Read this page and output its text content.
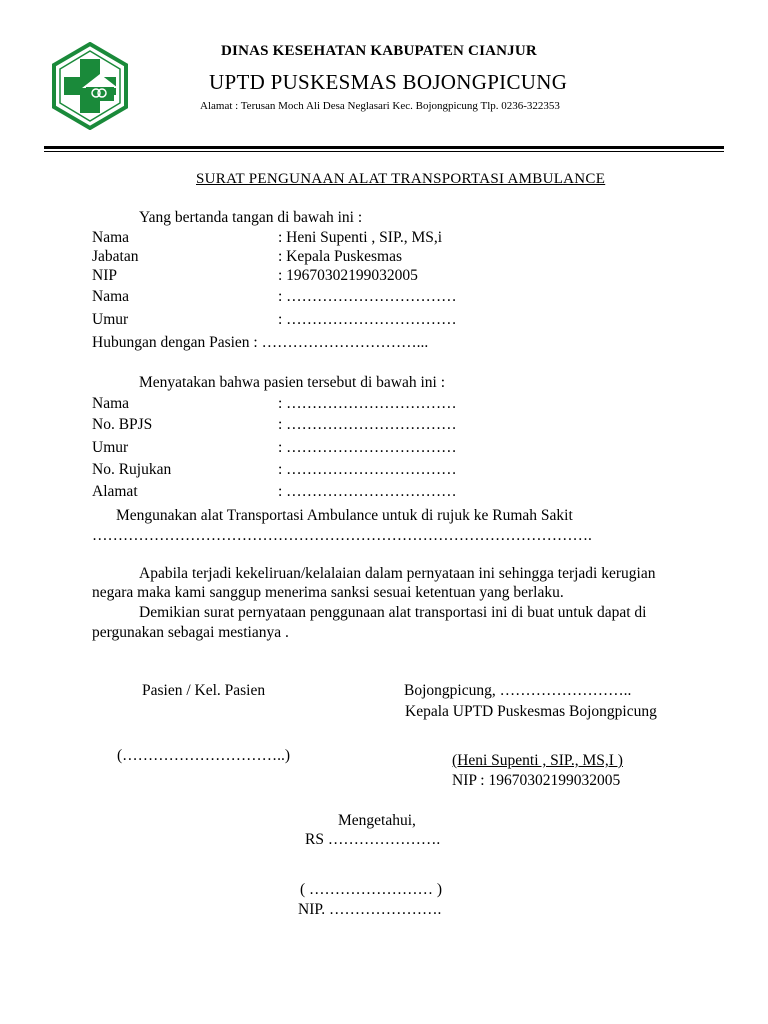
DINAS KESEHATAN KABUPATEN CIANJUR
UPTD PUSKESMAS BOJONGPICUNG
Alamat : Terusan Moch Ali Desa Neglasari Kec. Bojongpicung Tlp. 0236-322353
SURAT PENGUNAAN ALAT TRANSPORTASI AMBULANCE
Yang bertanda tangan di bawah ini :
Nama	: Heni Supenti , SIP., MS,i
Jabatan	: Kepala Puskesmas
NIP	: 19670302199032005
Nama	: ……………………………
Umur	: ……………………………
Hubungan dengan Pasien : …………………………...
Menyatakan bahwa pasien tersebut di bawah ini :
Nama	: ……………………………
No. BPJS	: ……………………………
Umur	: ……………………………
No. Rujukan	: ……………………………
Alamat	: ……………………………
Mengunakan alat Transportasi Ambulance untuk di rujuk ke Rumah Sakit
…………………………………………………………………………………….
Apabila terjadi kekeliruan/kelalaian dalam pernyataan ini sehingga terjadi kerugian
negara maka kami sanggup menerima sanksi sesuai ketentuan yang berlaku.
Demikian surat pernyataan penggunaan alat transportasi ini di buat untuk dapat di
pergunakan sebagai mestianya .
Pasien / Kel. Pasien	Bojongpicung, ……………………..
Kepala UPTD Puskesmas Bojongpicung
(…………………………..)	(Heni Supenti , SIP., MS,I )
NIP : 19670302199032005
Mengetahui,
RS ………………….
( …………………… )
NIP. ………………….
